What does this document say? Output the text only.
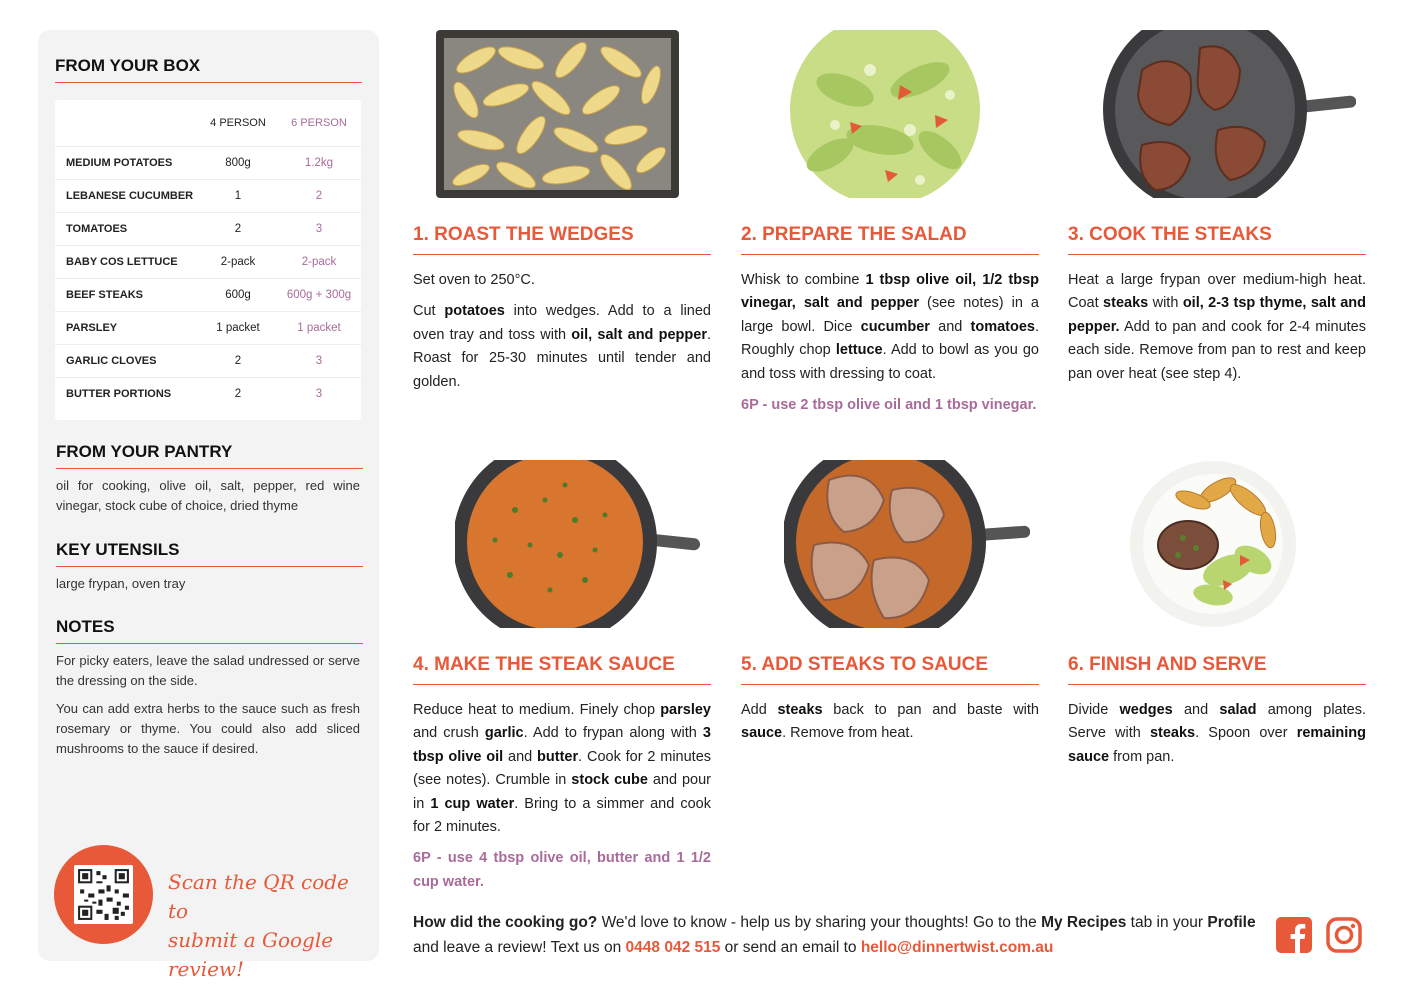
FROM YOUR BOX
	4 PERSON	6 PERSON
MEDIUM POTATOES	800g	1.2kg
LEBANESE CUCUMBER	1	2
TOMATOES	2	3
BABY COS LETTUCE	2-pack	2-pack
BEEF STEAKS	600g	600g + 300g
PARSLEY	1 packet	1 packet
GARLIC CLOVES	2	3
BUTTER PORTIONS	2	3
FROM YOUR PANTRY
oil for cooking, olive oil, salt, pepper, red wine vinegar, stock cube of choice, dried thyme
KEY UTENSILS
large frypan, oven tray
NOTES

For picky eaters, leave the salad undressed or serve the dressing on the side.

You can add extra herbs to the sauce such as fresh rosemary or thyme. You could also add sliced mushrooms to the sauce if desired.

Scan the QR code to
submit a Google review!
1. ROAST THE WEDGES

Set oven to 250°C.

Cut potatoes into wedges. Add to a lined oven tray and toss with oil, salt and pepper. Roast for 25-30 minutes until tender and golden.

2. PREPARE THE SALAD

Whisk to combine 1 tbsp olive oil, 1/2 tbsp vinegar, salt and pepper (see notes) in a large bowl. Dice cucumber and tomatoes. Roughly chop lettuce. Add to bowl as you go and toss with dressing to coat.

6P - use 2 tbsp olive oil and 1 tbsp vinegar.

3. COOK THE STEAKS

Heat a large frypan over medium-high heat. Coat steaks with oil, 2-3 tsp thyme, salt and pepper. Add to pan and cook for 2-4 minutes each side. Remove from pan to rest and keep pan over heat (see step 4).

4. MAKE THE STEAK SAUCE

Reduce heat to medium. Finely chop parsley and crush garlic. Add to frypan along with 3 tbsp olive oil and butter. Cook for 2 minutes (see notes). Crumble in stock cube and pour in 1 cup water. Bring to a simmer and cook for 2 minutes.

6P - use 4 tbsp olive oil, butter and 1 1/2 cup water.

5. ADD STEAKS TO SAUCE

Add steaks back to pan and baste with sauce. Remove from heat.

6. FINISH AND SERVE

Divide wedges and salad among plates. Serve with steaks. Spoon over remaining sauce from pan.

How did the cooking go? We'd love to know - help us by sharing your thoughts! Go to the My Recipes tab in your Profile and leave a review! Text us on 0448 042 515 or send an email to hello@dinnertwist.com.au
